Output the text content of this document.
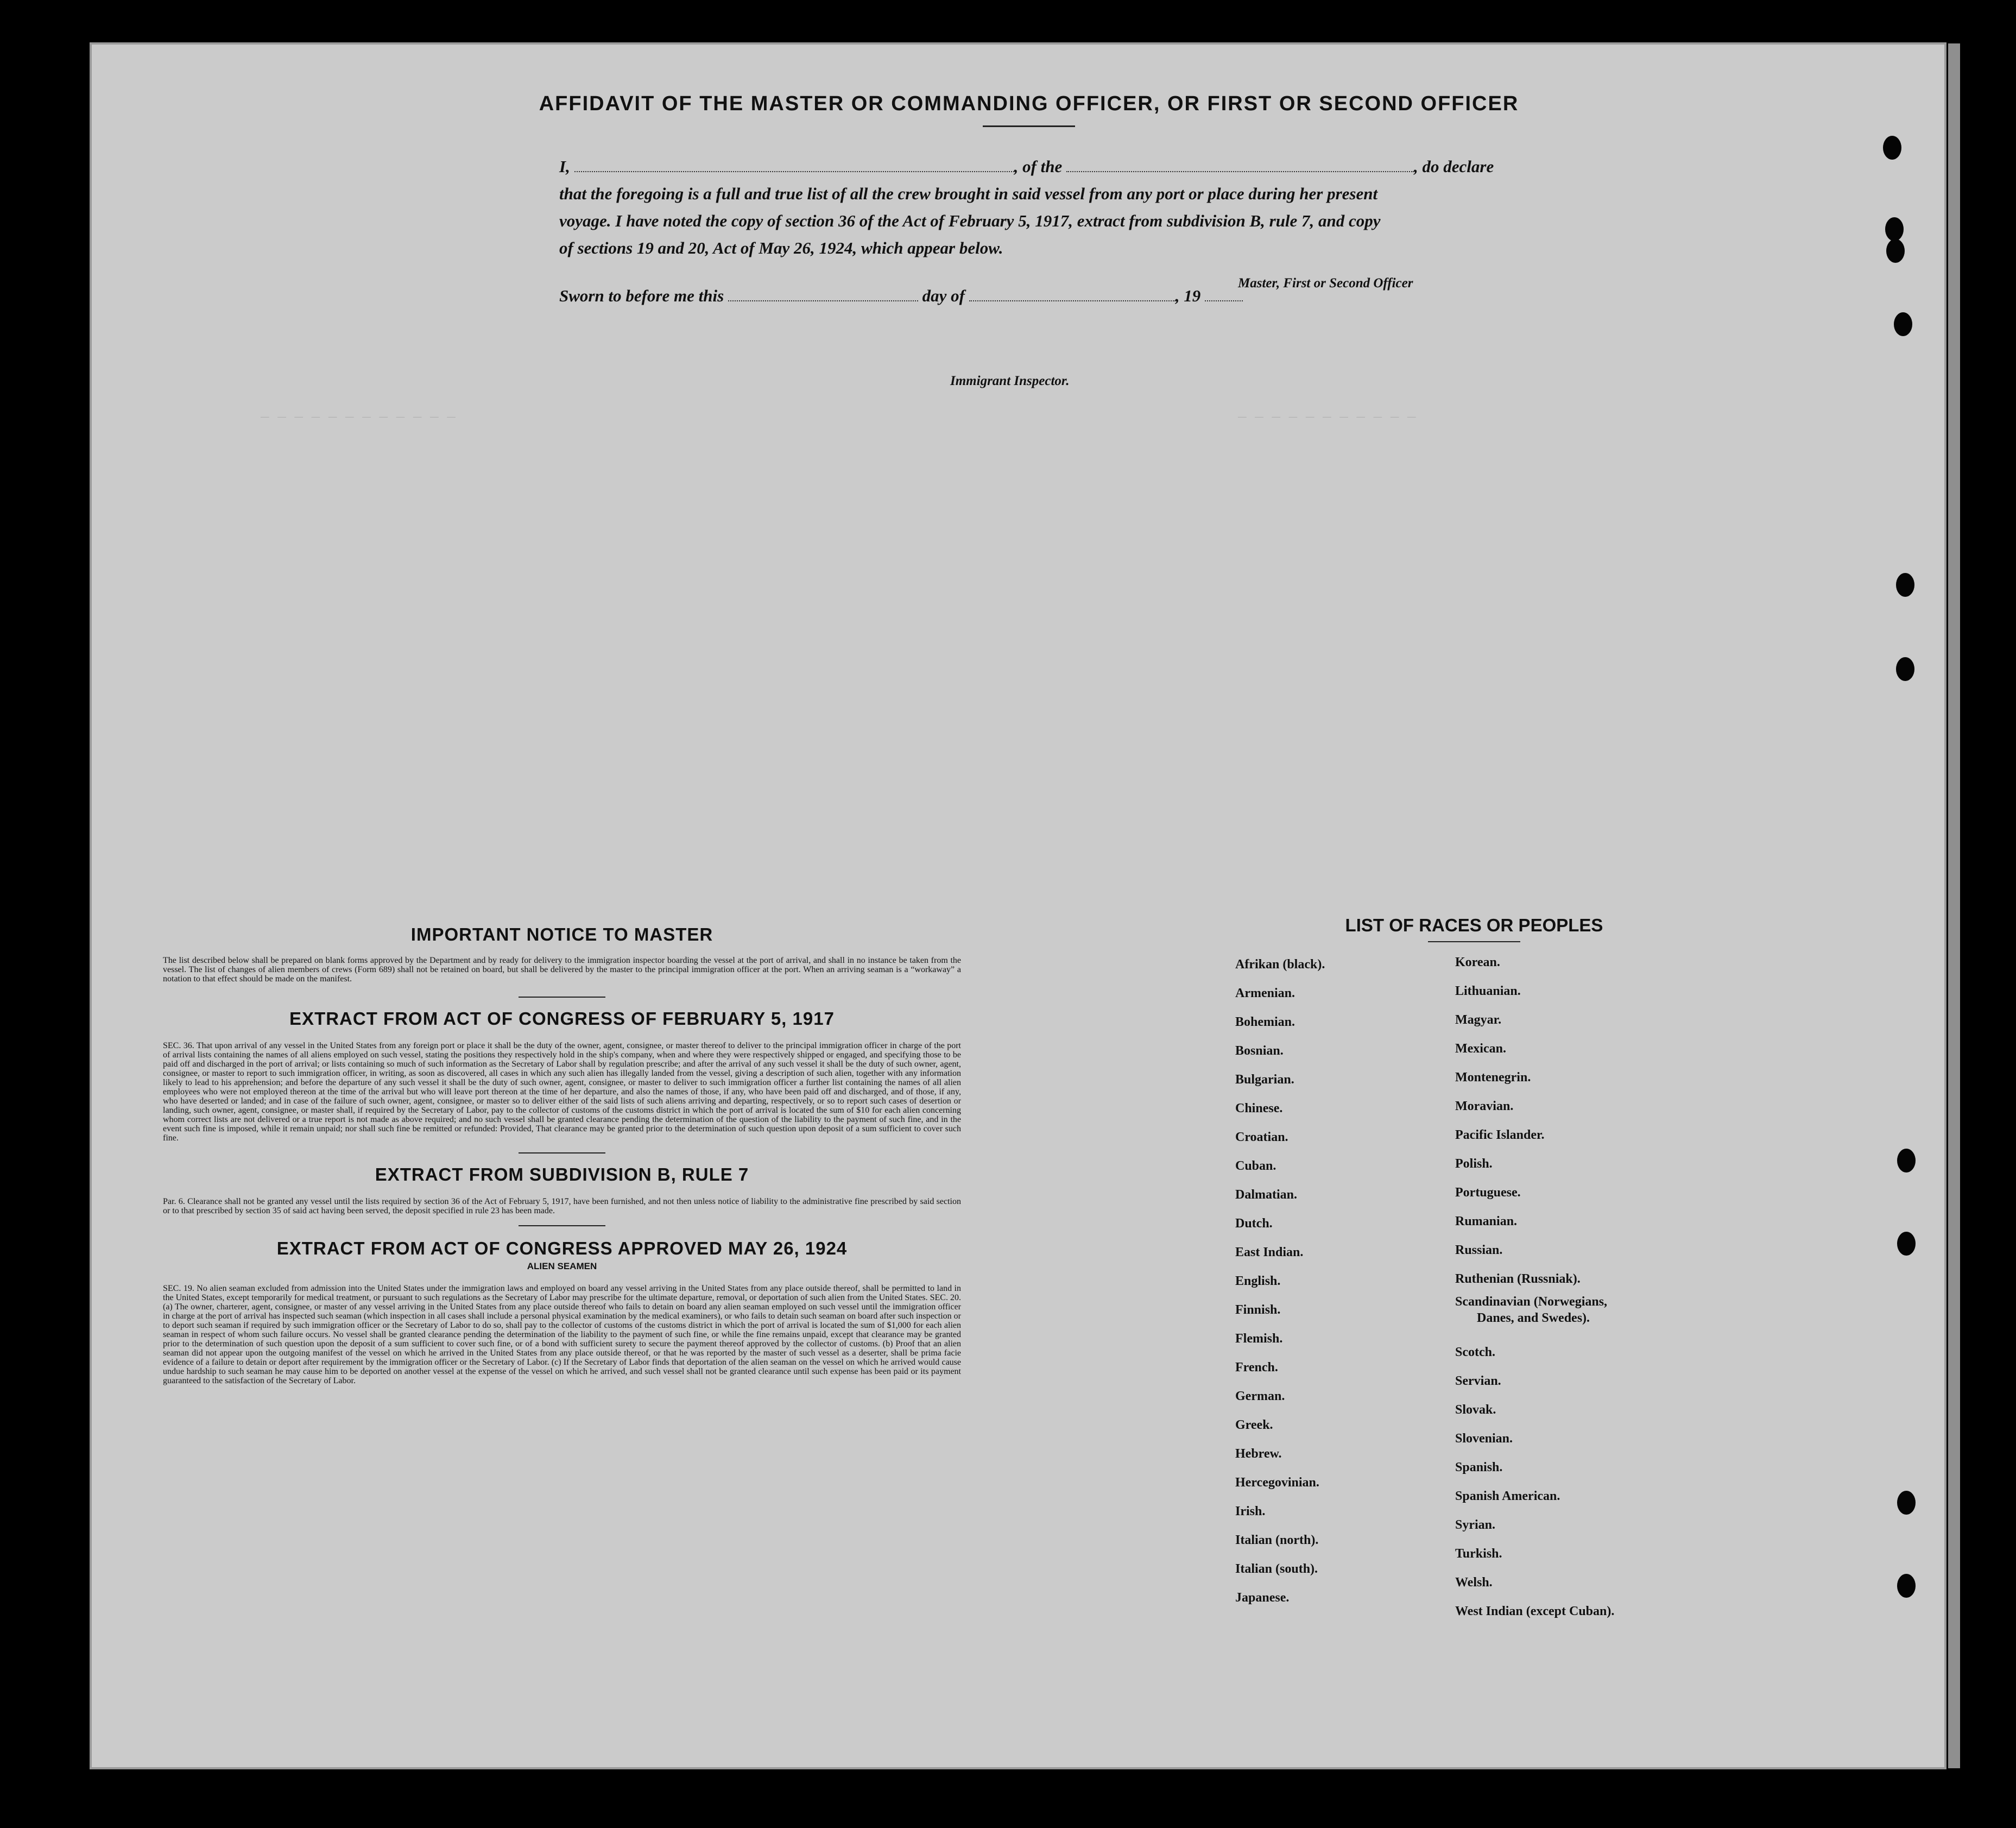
AFFIDAVIT OF THE MASTER OR COMMANDING OFFICER, OR FIRST OR SECOND OFFICER
I,	, of the	, do declare
that the foregoing is a full and true list of all the crew brought in said vessel from any port or place during her present
voyage. I have noted the copy of section 36 of the Act of February 5, 1917, extract from subdivision B, rule 7, and copy
of sections 19 and 20, Act of May 26, 1924, which appear below.
Master, First or Second Officer
Sworn to before me this	day of	, 19
Immigrant Inspector.
_ _ _ _ _ _ _ _ _ _ _ _	_ _ _ _ _ _ _ _ _ _ _
IMPORTANT NOTICE TO MASTER

The list described below shall be prepared on blank forms approved by the Department and by ready for delivery to the immigration inspector boarding the vessel at the port of arrival, and shall in no instance be taken from the vessel. The list of changes of alien members of crews (Form 689) shall not be retained on board, but shall be delivered by the master to the principal immigration officer at the port. When an arriving seaman is a “workaway” a notation to that effect should be made on the manifest.

EXTRACT FROM ACT OF CONGRESS OF FEBRUARY 5, 1917

SEC. 36. That upon arrival of any vessel in the United States from any foreign port or place it shall be the duty of the owner, agent, consignee, or master thereof to deliver to the principal immigration officer in charge of the port of arrival lists containing the names of all aliens employed on such vessel, stating the positions they respectively hold in the ship's company, when and where they were respectively shipped or engaged, and specifying those to be paid off and discharged in the port of arrival; or lists containing so much of such information as the Secretary of Labor shall by regulation prescribe; and after the arrival of any such vessel it shall be the duty of such owner, agent, consignee, or master to report to such immigration officer, in writing, as soon as discovered, all cases in which any such alien has illegally landed from the vessel, giving a description of such alien, together with any information likely to lead to his apprehension; and before the departure of any such vessel it shall be the duty of such owner, agent, consignee, or master to deliver to such immigration officer a further list containing the names of all alien employees who were not employed thereon at the time of the arrival but who will leave port thereon at the time of her departure, and also the names of those, if any, who have been paid off and discharged, and of those, if any, who have deserted or landed; and in case of the failure of such owner, agent, consignee, or master so to deliver either of the said lists of such aliens arriving and departing, respectively, or so to report such cases of desertion or landing, such owner, agent, consignee, or master shall, if required by the Secretary of Labor, pay to the collector of customs of the customs district in which the port of arrival is located the sum of $10 for each alien concerning whom correct lists are not delivered or a true report is not made as above required; and no such vessel shall be granted clearance pending the determination of the question of the liability to the payment of such fine, and in the event such fine is imposed, while it remain unpaid; nor shall such fine be remitted or refunded: Provided, That clearance may be granted prior to the determination of such question upon deposit of a sum sufficient to cover such fine.

EXTRACT FROM SUBDIVISION B, RULE 7

Par. 6. Clearance shall not be granted any vessel until the lists required by section 36 of the Act of February 5, 1917, have been furnished, and not then unless notice of liability to the administrative fine prescribed by said section or to that prescribed by section 35 of said act having been served, the deposit specified in rule 23 has been made.

EXTRACT FROM ACT OF CONGRESS APPROVED MAY 26, 1924
ALIEN SEAMEN

SEC. 19. No alien seaman excluded from admission into the United States under the immigration laws and employed on board any vessel arriving in the United States from any place outside thereof, shall be permitted to land in the United States, except temporarily for medical treatment, or pursuant to such regulations as the Secretary of Labor may prescribe for the ultimate departure, removal, or deportation of such alien from the United States. SEC. 20. (a) The owner, charterer, agent, consignee, or master of any vessel arriving in the United States from any place outside thereof who fails to detain on board any alien seaman employed on such vessel until the immigration officer in charge at the port of arrival has inspected such seaman (which inspection in all cases shall include a personal physical examination by the medical examiners), or who fails to detain such seaman on board after such inspection or to deport such seaman if required by such immigration officer or the Secretary of Labor to do so, shall pay to the collector of customs of the customs district in which the port of arrival is located the sum of $1,000 for each alien seaman in respect of whom such failure occurs. No vessel shall be granted clearance pending the determination of the liability to the payment of such fine, or while the fine remains unpaid, except that clearance may be granted prior to the determination of such question upon the deposit of a sum sufficient to cover such fine, or of a bond with sufficient surety to secure the payment thereof approved by the collector of customs. (b) Proof that an alien seaman did not appear upon the outgoing manifest of the vessel on which he arrived in the United States from any place outside thereof, or that he was reported by the master of such vessel as a deserter, shall be prima facie evidence of a failure to detain or deport after requirement by the immigration officer or the Secretary of Labor. (c) If the Secretary of Labor finds that deportation of the alien seaman on the vessel on which he arrived would cause undue hardship to such seaman he may cause him to be deported on another vessel at the expense of the vessel on which he arrived, and such vessel shall not be granted clearance until such expense has been paid or its payment guaranteed to the satisfaction of the Secretary of Labor.

LIST OF RACES OR PEOPLES
Afrikan (black).
Armenian.
Bohemian.
Bosnian.
Bulgarian.
Chinese.
Croatian.
Cuban.
Dalmatian.
Dutch.
East Indian.
English.
Finnish.
Flemish.
French.
German.
Greek.
Hebrew.
Hercegovinian.
Irish.
Italian (north).
Italian (south).
Japanese.
Korean.
Lithuanian.
Magyar.
Mexican.
Montenegrin.
Moravian.
Pacific Islander.
Polish.
Portuguese.
Rumanian.
Russian.
Ruthenian (Russniak).
Scandinavian (Norwegians,
Danes, and Swedes).
Scotch.
Servian.
Slovak.
Slovenian.
Spanish.
Spanish American.
Syrian.
Turkish.
Welsh.
West Indian (except Cuban).
